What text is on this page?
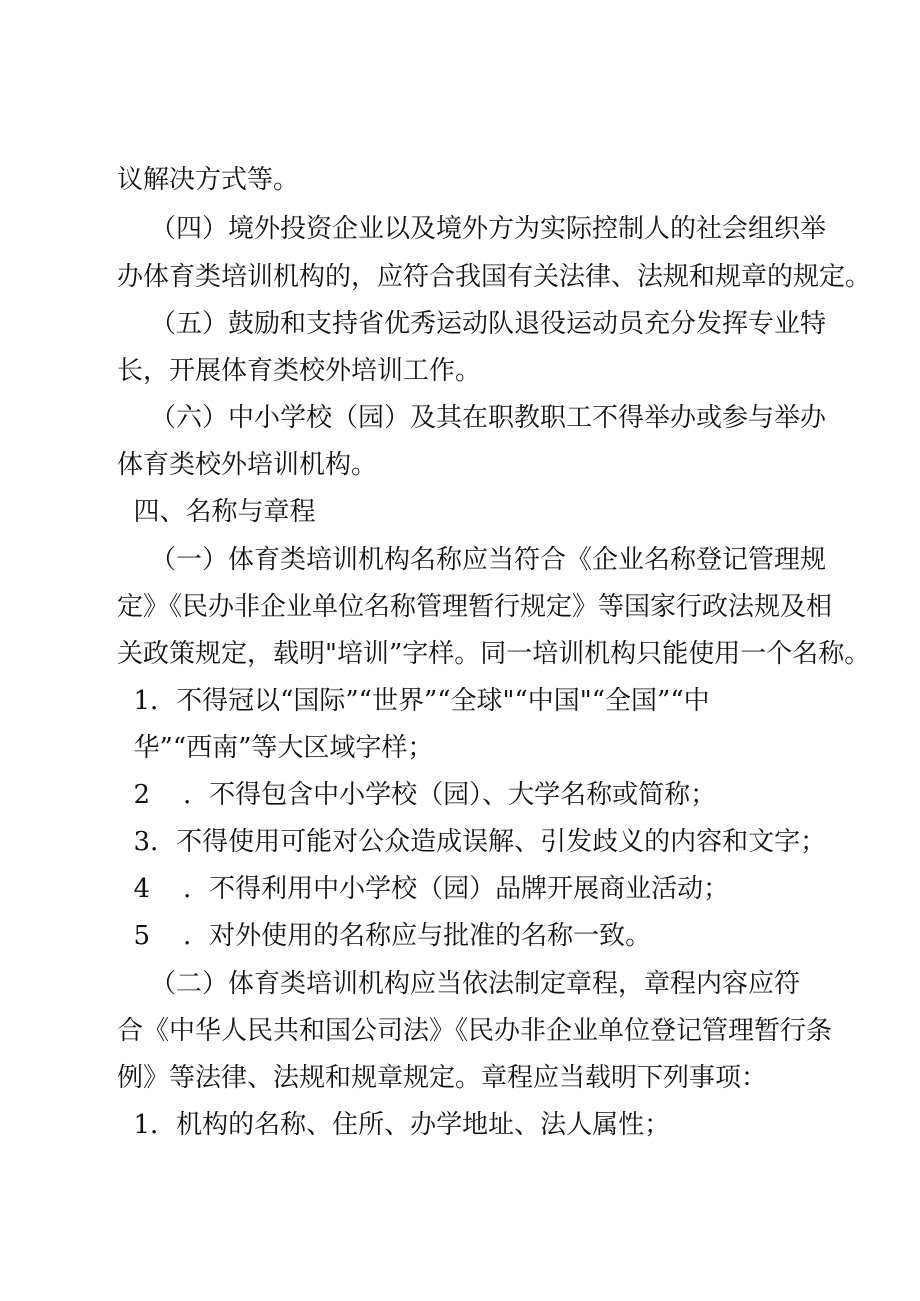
议解决方式等。
（四）境外投资企业以及境外方为实际控制人的社会组织举
办体育类培训机构的，应符合我国有关法律、法规和规章的规定。
（五）鼓励和支持省优秀运动队退役运动员充分发挥专业特
长，开展体育类校外培训工作。
（六）中小学校（园）及其在职教职工不得举办或参与举办
体育类校外培训机构。
四、名称与章程
（一）体育类培训机构名称应当符合《企业名称登记管理规
定》《民办非企业单位名称管理暂行规定》等国家行政法规及相
关政策规定，载明"培训”字样。同一培训机构只能使用一个名称。
1．不得冠以“国际”“世界”“全球"“中国"“全国”“中
华”“西南”等大区域字样；
2    ．不得包含中小学校（园）、大学名称或简称；
3．不得使用可能对公众造成误解、引发歧义的内容和文字；
4    ．不得利用中小学校（园）品牌开展商业活动；
5    ．对外使用的名称应与批准的名称一致。
（二）体育类培训机构应当依法制定章程，章程内容应符
合《中华人民共和国公司法》《民办非企业单位登记管理暂行条
例》等法律、法规和规章规定。章程应当载明下列事项：
1．机构的名称、住所、办学地址、法人属性；
